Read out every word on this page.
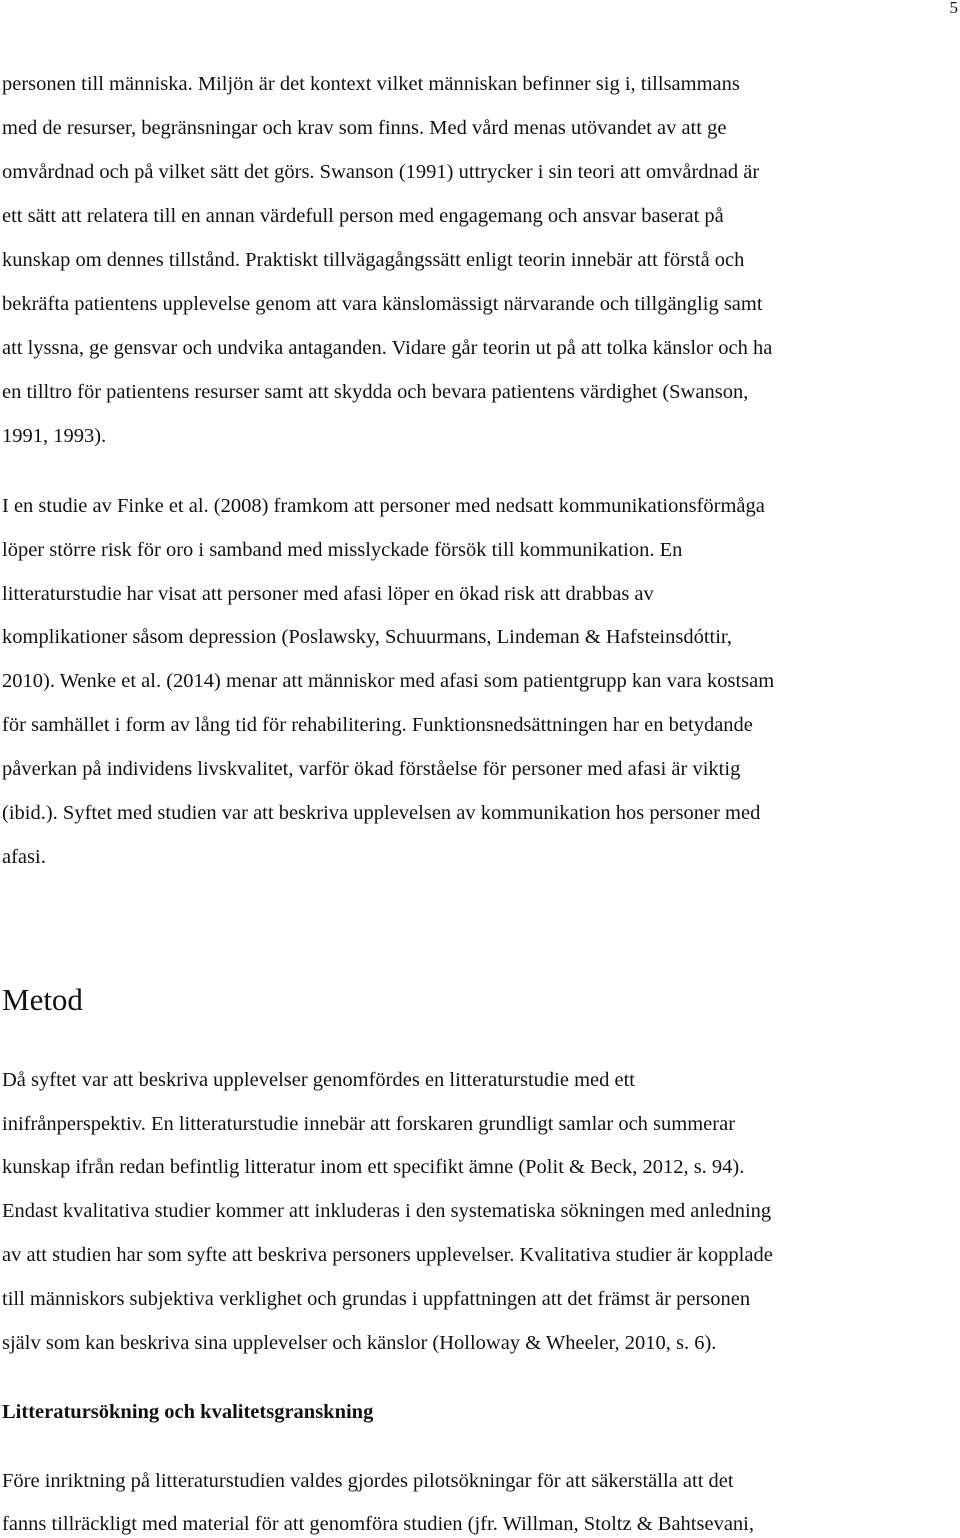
5
personen till människa. Miljön är det kontext vilket människan befinner sig i, tillsammans
med de resurser, begränsningar och krav som finns. Med vård menas utövandet av att ge
omvårdnad och på vilket sätt det görs. Swanson (1991) uttrycker i sin teori att omvårdnad är
ett sätt att relatera till en annan värdefull person med engagemang och ansvar baserat på
kunskap om dennes tillstånd. Praktiskt tillvägagångssätt enligt teorin innebär att förstå och
bekräfta patientens upplevelse genom att vara känslomässigt närvarande och tillgänglig samt
att lyssna, ge gensvar och undvika antaganden. Vidare går teorin ut på att tolka känslor och ha
en tilltro för patientens resurser samt att skydda och bevara patientens värdighet (Swanson,
1991, 1993).
I en studie av Finke et al. (2008) framkom att personer med nedsatt kommunikationsförmåga
löper större risk för oro i samband med misslyckade försök till kommunikation. En
litteraturstudie har visat att personer med afasi löper en ökad risk att drabbas av
komplikationer såsom depression (Poslawsky, Schuurmans, Lindeman & Hafsteinsdóttir,
2010). Wenke et al. (2014) menar att människor med afasi som patientgrupp kan vara kostsam
för samhället i form av lång tid för rehabilitering. Funktionsnedsättningen har en betydande
påverkan på individens livskvalitet, varför ökad förståelse för personer med afasi är viktig
(ibid.). Syftet med studien var att beskriva upplevelsen av kommunikation hos personer med
afasi.
Metod
Då syftet var att beskriva upplevelser genomfördes en litteraturstudie med ett
inifrånperspektiv. En litteraturstudie innebär att forskaren grundligt samlar och summerar
kunskap ifrån redan befintlig litteratur inom ett specifikt ämne (Polit & Beck, 2012, s. 94).
Endast kvalitativa studier kommer att inkluderas i den systematiska sökningen med anledning
av att studien har som syfte att beskriva personers upplevelser. Kvalitativa studier är kopplade
till människors subjektiva verklighet och grundas i uppfattningen att det främst är personen
själv som kan beskriva sina upplevelser och känslor (Holloway & Wheeler, 2010, s. 6).
Litteratursökning och kvalitetsgranskning
Före inriktning på litteraturstudien valdes gjordes pilotsökningar för att säkerställa att det
fanns tillräckligt med material för att genomföra studien (jfr. Willman, Stoltz & Bahtsevani,
